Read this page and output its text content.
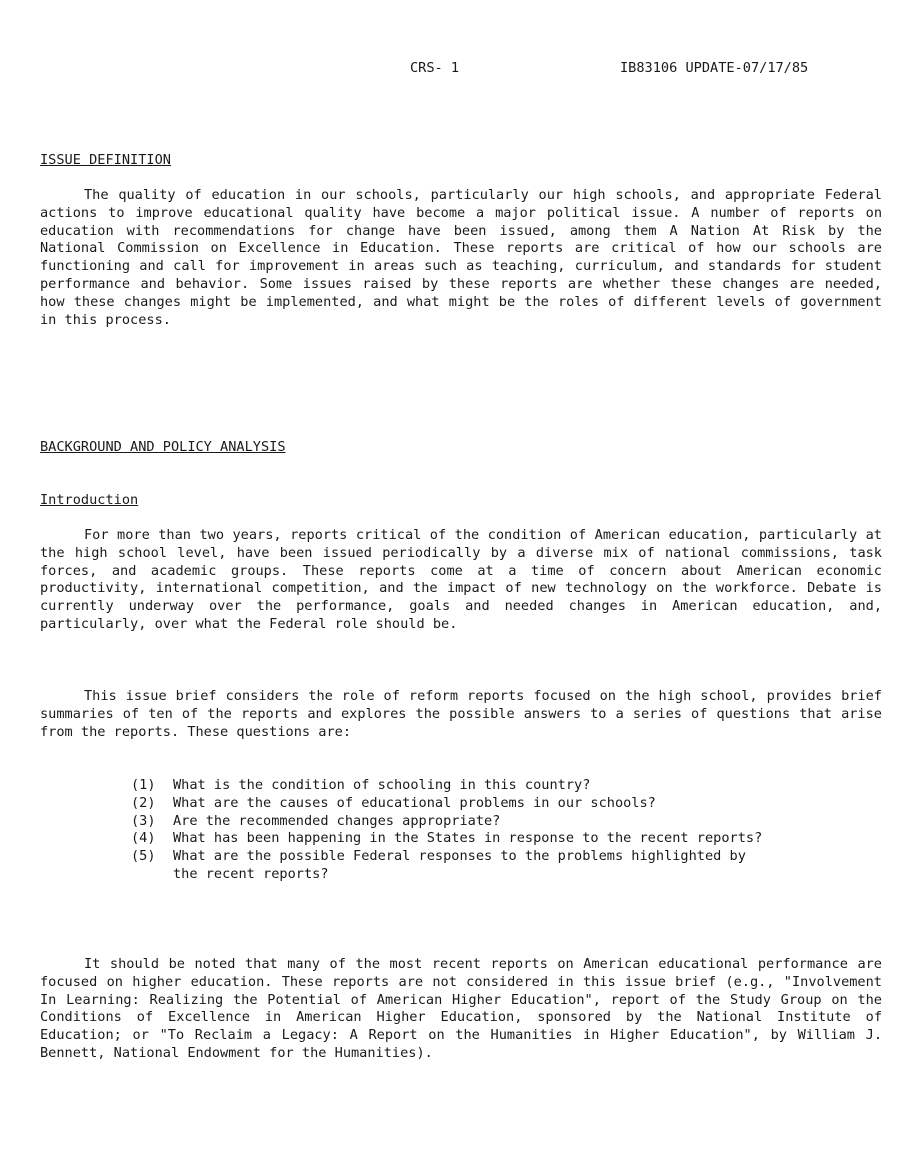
CRS- 1	IB83106 UPDATE-07/17/85
ISSUE DEFINITION

The quality of education in our schools, particularly our high schools, and appropriate Federal actions to improve educational quality have become a major political issue. A number of reports on education with recommendations for change have been issued, among them A Nation At Risk by the National Commission on Excellence in Education. These reports are critical of how our schools are functioning and call for improvement in areas such as teaching, curriculum, and standards for student performance and behavior. Some issues raised by these reports are whether these changes are needed, how these changes might be implemented, and what might be the roles of different levels of government in this process.

BACKGROUND AND POLICY ANALYSIS
Introduction

For more than two years, reports critical of the condition of American education, particularly at the high school level, have been issued periodically by a diverse mix of national commissions, task forces, and academic groups. These reports come at a time of concern about American economic productivity, international competition, and the impact of new technology on the workforce. Debate is currently underway over the performance, goals and needed changes in American education, and, particularly, over what the Federal role should be.

This issue brief considers the role of reform reports focused on the high school, provides brief summaries of ten of the reports and explores the possible answers to a series of questions that arise from the reports. These questions are:

(1)	What is the condition of schooling in this country?
(2)	What are the causes of educational problems in our schools?
(3)	Are the recommended changes appropriate?
(4)	What has been happening in the States in response to the recent reports?
(5)	What are the possible Federal responses to the problems highlighted by the recent reports?

It should be noted that many of the most recent reports on American educational performance are focused on higher education. These reports are not considered in this issue brief (e.g., "Involvement In Learning: Realizing the Potential of American Higher Education", report of the Study Group on the Conditions of Excellence in American Higher Education, sponsored by the National Institute of Education; or "To Reclaim a Legacy: A Report on the Humanities in Higher Education", by William J. Bennett, National Endowment for the Humanities).
